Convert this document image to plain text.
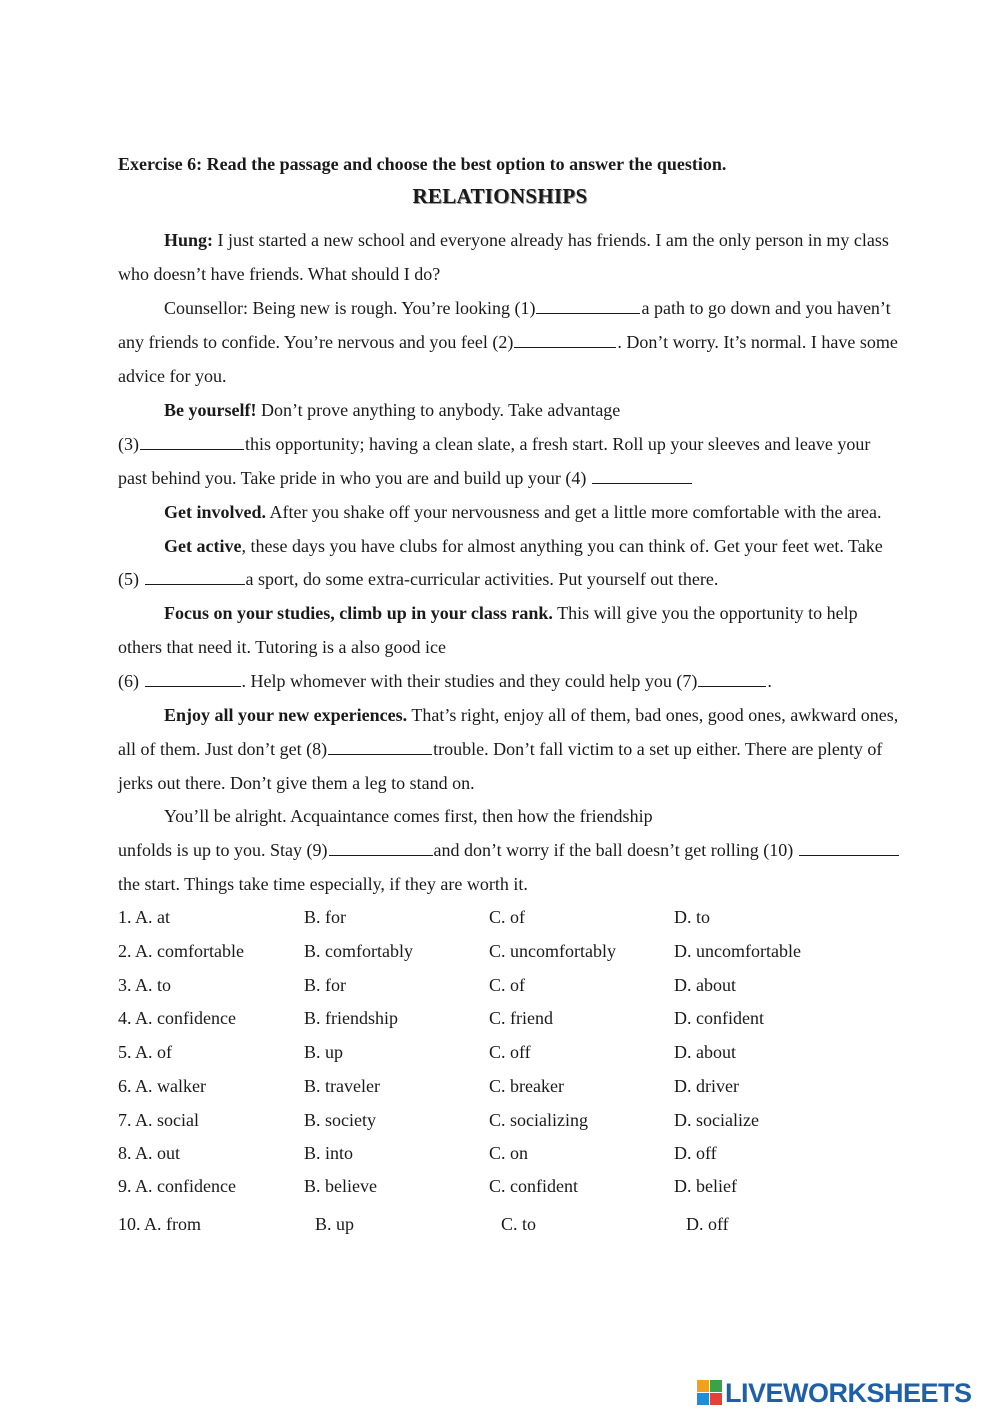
Exercise 6: Read the passage and choose the best option to answer the question.
RELATIONSHIPS
Hung: I just started a new school and everyone already has friends. I am the only person in my class
who doesn’t have friends. What should I do?
Counsellor: Being new is rough. You’re looking (1)	a path to go down and you haven’t
any friends to confide. You’re nervous and you feel (2)	. Don’t worry. It’s normal. I have some
advice for you.
Be yourself! Don’t prove anything to anybody. Take advantage
(3)	this opportunity; having a clean slate, a fresh start. Roll up your sleeves and leave your
past behind you. Take pride in who you are and build up your (4)
Get involved. After you shake off your nervousness and get a little more comfortable with the area.
Get active, these days you have clubs for almost anything you can think of. Get your feet wet. Take
(5)	a sport, do some extra-curricular activities. Put yourself out there.
Focus on your studies, climb up in your class rank. This will give you the opportunity to help
others that need it. Tutoring is a also good ice
(6)	. Help whomever with their studies and they could help you (7)	.
Enjoy all your new experiences. That’s right, enjoy all of them, bad ones, good ones, awkward ones,
all of them. Just don’t get (8)	trouble. Don’t fall victim to a set up either. There are plenty of
jerks out there. Don’t give them a leg to stand on.
You’ll be alright. Acquaintance comes first, then how the friendship
unfolds is up to you. Stay (9)	and don’t worry if the ball doesn’t get rolling (10)
the start. Things take time especially, if they are worth it.
1. A. at	B. for	C. of	D. to
2. A. comfortable	B. comfortably	C. uncomfortably	D. uncomfortable
3. A. to	B. for	C. of	D. about
4. A. confidence	B. friendship	C. friend	D. confident
5. A. of	B. up	C. off	D. about
6. A. walker	B. traveler	C. breaker	D. driver
7. A. social	B. society	C. socializing	D. socialize
8. A. out	B. into	C. on	D. off
9. A. confidence	B. believe	C. confident	D. belief
10. A. from	B. up	C. to	D. off
LIVEWORKSHEETS
